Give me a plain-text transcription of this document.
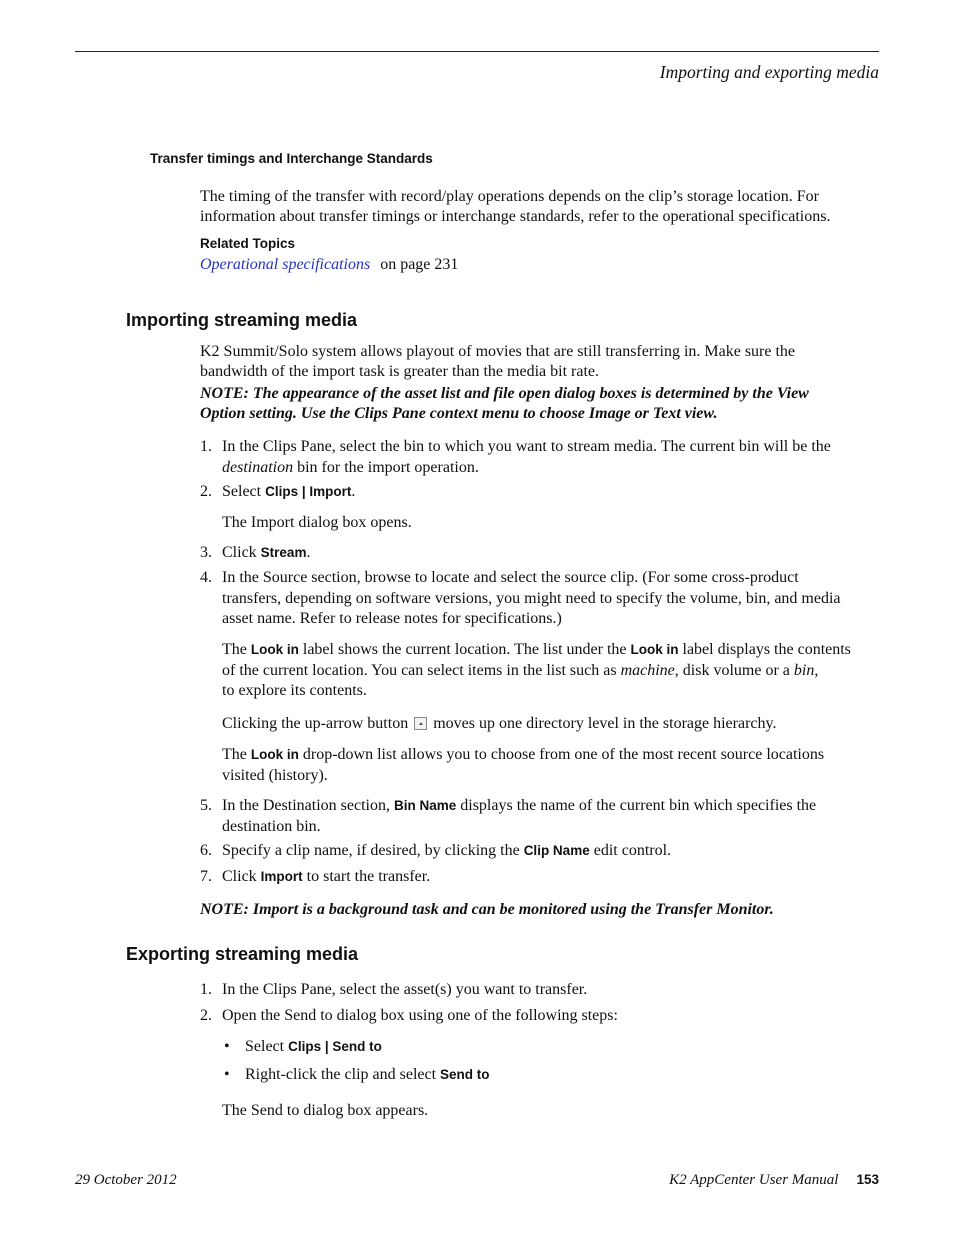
Importing and exporting media
Transfer timings and Interchange Standards
The timing of the transfer with record/play operations depends on the clip’s storage location. For
information about transfer timings or interchange standards, refer to the operational specifications.
Related Topics
Operational specifications on page 231
Importing streaming media
K2 Summit/Solo system allows playout of movies that are still transferring in. Make sure the
bandwidth of the import task is greater than the media bit rate.
NOTE: The appearance of the asset list and file open dialog boxes is determined by the View
Option setting. Use the Clips Pane context menu to choose Image or Text view.
1. In the Clips Pane, select the bin to which you want to stream media. The current bin will be the
destination bin for the import operation.
2. Select Clips | Import.
The Import dialog box opens.
3. Click Stream.
4. In the Source section, browse to locate and select the source clip. (For some cross-product
transfers, depending on software versions, you might need to specify the volume, bin, and media
asset name. Refer to release notes for specifications.)
The Look in label shows the current location. The list under the Look in label displays the contents
of the current location. You can select items in the list such as machine, disk volume or a bin,
to explore its contents.
Clicking the up-arrow button  moves up one directory level in the storage hierarchy.
The Look in drop-down list allows you to choose from one of the most recent source locations
visited (history).
5. In the Destination section, Bin Name displays the name of the current bin which specifies the
destination bin.
6. Specify a clip name, if desired, by clicking the Clip Name edit control.
7. Click Import to start the transfer.
NOTE: Import is a background task and can be monitored using the Transfer Monitor.
Exporting streaming media
1. In the Clips Pane, select the asset(s) you want to transfer.
2. Open the Send to dialog box using one of the following steps:
• Select Clips | Send to
• Right-click the clip and select Send to
The Send to dialog box appears.
29 October 2012	K2 AppCenter User Manual 153
